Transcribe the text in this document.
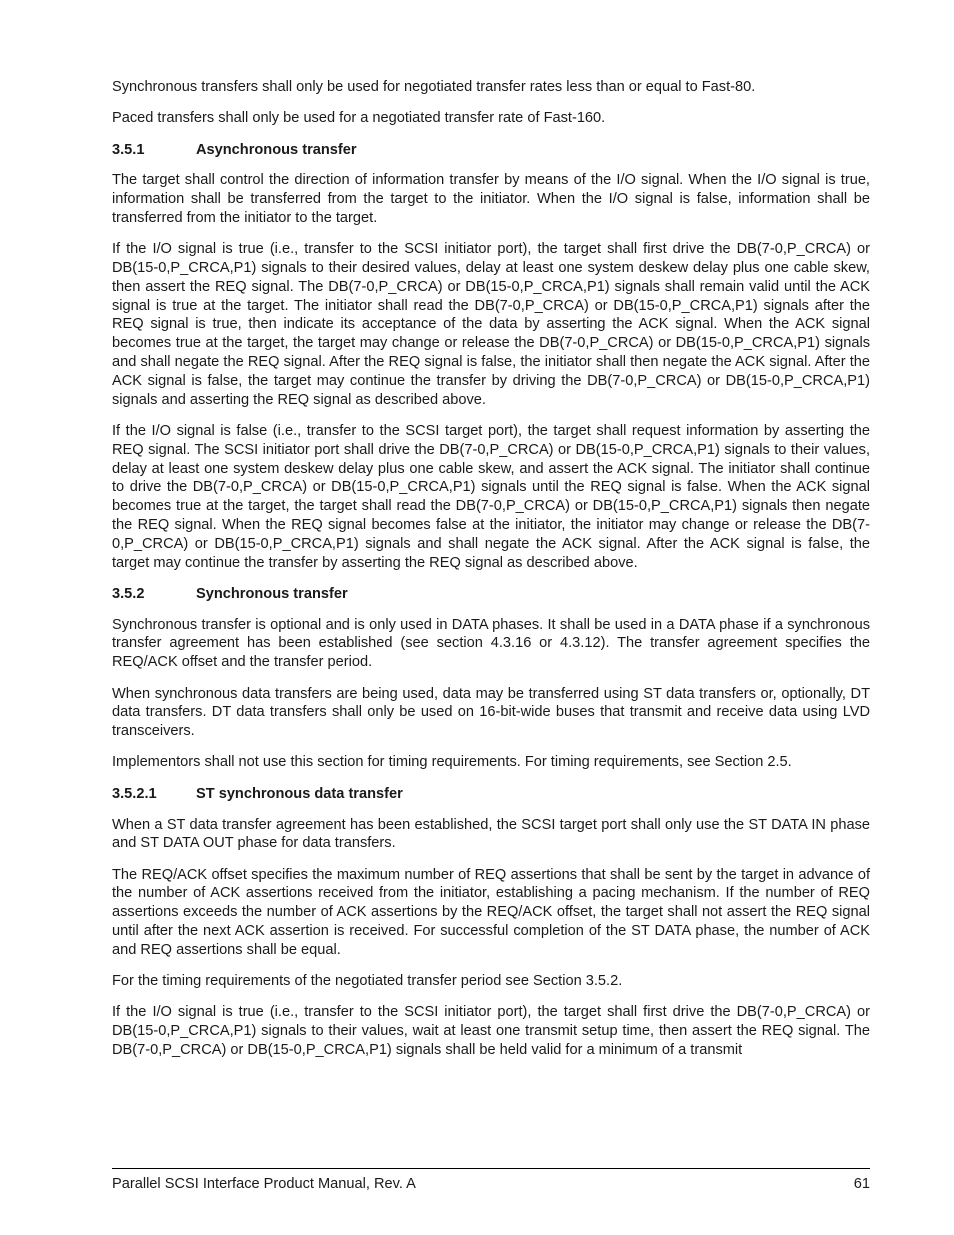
Synchronous transfers shall only be used for negotiated transfer rates less than or equal to Fast-80.

Paced transfers shall only be used for a negotiated transfer rate of Fast-160.

3.5.1	Asynchronous transfer

The target shall control the direction of information transfer by means of the I/O signal. When the I/O signal is true, information shall be transferred from the target to the initiator. When the I/O signal is false, information shall be transferred from the initiator to the target.

If the I/O signal is true (i.e., transfer to the SCSI initiator port), the target shall first drive the DB(7-0,P_CRCA) or DB(15-0,P_CRCA,P1) signals to their desired values, delay at least one system deskew delay plus one cable skew, then assert the REQ signal. The DB(7-0,P_CRCA) or DB(15-0,P_CRCA,P1) signals shall remain valid until the ACK signal is true at the target. The initiator shall read the DB(7-0,P_CRCA) or DB(15-0,P_CRCA,P1) signals after the REQ signal is true, then indicate its acceptance of the data by asserting the ACK signal. When the ACK signal becomes true at the target, the target may change or release the DB(7-0,P_CRCA) or DB(15-0,P_CRCA,P1) signals and shall negate the REQ signal. After the REQ signal is false, the initiator shall then negate the ACK signal. After the ACK signal is false, the target may continue the transfer by driving the DB(7-0,P_CRCA) or DB(15-0,P_CRCA,P1) signals and asserting the REQ signal as described above.

If the I/O signal is false (i.e., transfer to the SCSI target port), the target shall request information by asserting the REQ signal. The SCSI initiator port shall drive the DB(7-0,P_CRCA) or DB(15-0,P_CRCA,P1) signals to their values, delay at least one system deskew delay plus one cable skew, and assert the ACK signal. The initiator shall continue to drive the DB(7-0,P_CRCA) or DB(15-0,P_CRCA,P1) signals until the REQ signal is false. When the ACK signal becomes true at the target, the target shall read the DB(7-0,P_CRCA) or DB(15-0,P_CRCA,P1) signals then negate the REQ signal. When the REQ signal becomes false at the initiator, the initiator may change or release the DB(7-0,P_CRCA) or DB(15-0,P_CRCA,P1) signals and shall negate the ACK signal. After the ACK signal is false, the target may continue the transfer by asserting the REQ signal as described above.

3.5.2	Synchronous transfer

Synchronous transfer is optional and is only used in DATA phases. It shall be used in a DATA phase if a synchronous transfer agreement has been established (see section 4.3.16 or 4.3.12). The transfer agreement specifies the REQ/ACK offset and the transfer period.

When synchronous data transfers are being used, data may be transferred using ST data transfers or, optionally, DT data transfers. DT data transfers shall only be used on 16-bit-wide buses that transmit and receive data using LVD transceivers.

Implementors shall not use this section for timing requirements. For timing requirements, see Section 2.5.

3.5.2.1	ST synchronous data transfer

When a ST data transfer agreement has been established, the SCSI target port shall only use the ST DATA IN phase and ST DATA OUT phase for data transfers.

The REQ/ACK offset specifies the maximum number of REQ assertions that shall be sent by the target in advance of the number of ACK assertions received from the initiator, establishing a pacing mechanism. If the number of REQ assertions exceeds the number of ACK assertions by the REQ/ACK offset, the target shall not assert the REQ signal until after the next ACK assertion is received. For successful completion of the ST DATA phase, the number of ACK and REQ assertions shall be equal.

For the timing requirements of the negotiated transfer period see Section 3.5.2.

If the I/O signal is true (i.e., transfer to the SCSI initiator port), the target shall first drive the DB(7-0,P_CRCA) or DB(15-0,P_CRCA,P1) signals to their values, wait at least one transmit setup time, then assert the REQ signal. The DB(7-0,P_CRCA) or DB(15-0,P_CRCA,P1) signals shall be held valid for a minimum of a transmit

Parallel SCSI Interface Product Manual, Rev. A	61
